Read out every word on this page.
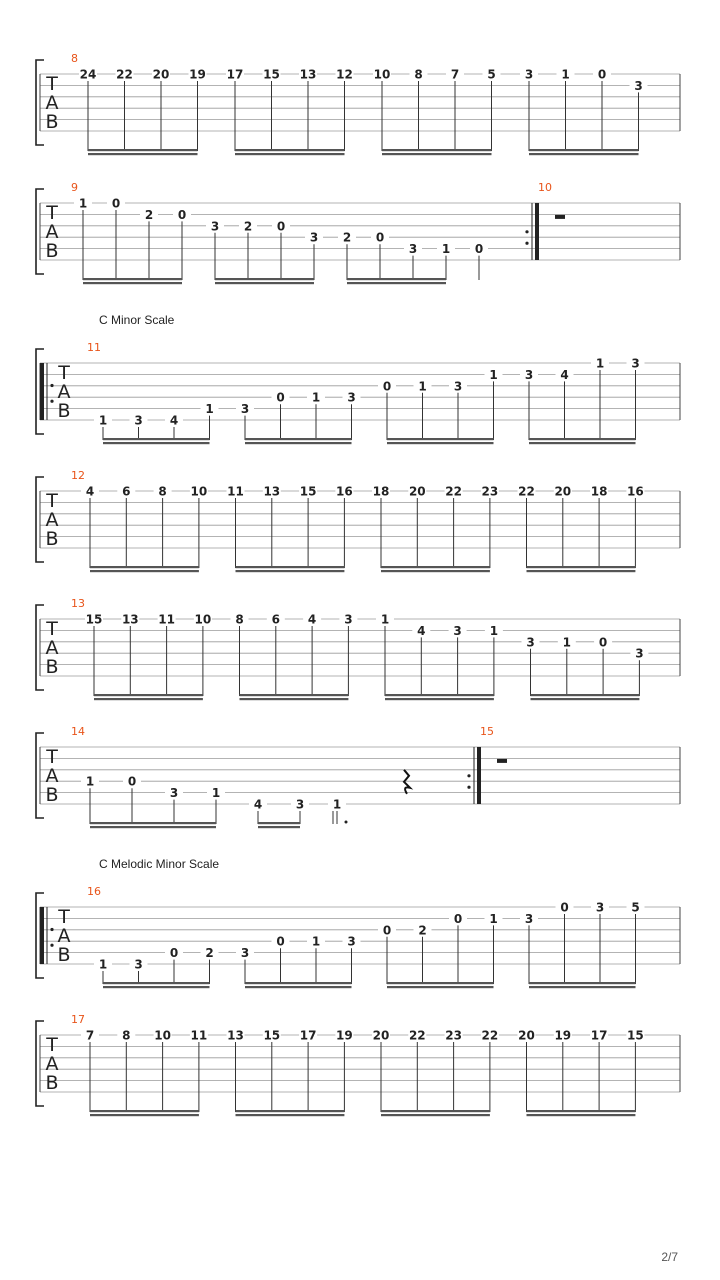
T
A
B
8
24 22 20 19 17 15 13 12 10 8 7 5 3 1 0
3
T
A
B
9
1 0
2 0
3 2 0
3 2 0
3 1 0
10
C Minor Scale
T
A
B
11
1 3 4
1 3
0 1 3
0 1 3
1 3 4
1 3
T
A
B
12
4 6 8 10 11 13 15 16 18 20 22 23 22 20 18 16
T
A
B
13
15 13 11 10 8 6 4 3 1
4 3 1
3 1 0
3
T
A
B
14
1	0
3	1
4	3 1
15
C Melodic Minor Scale
T
A
B
16
1 3
0 2 3
0 1 3
0 2
0 1 3
0 3 5
T
A
B
17
7 8 10 11 13 15 17 19 20 22 23 22 20 19 17 15
2/7
